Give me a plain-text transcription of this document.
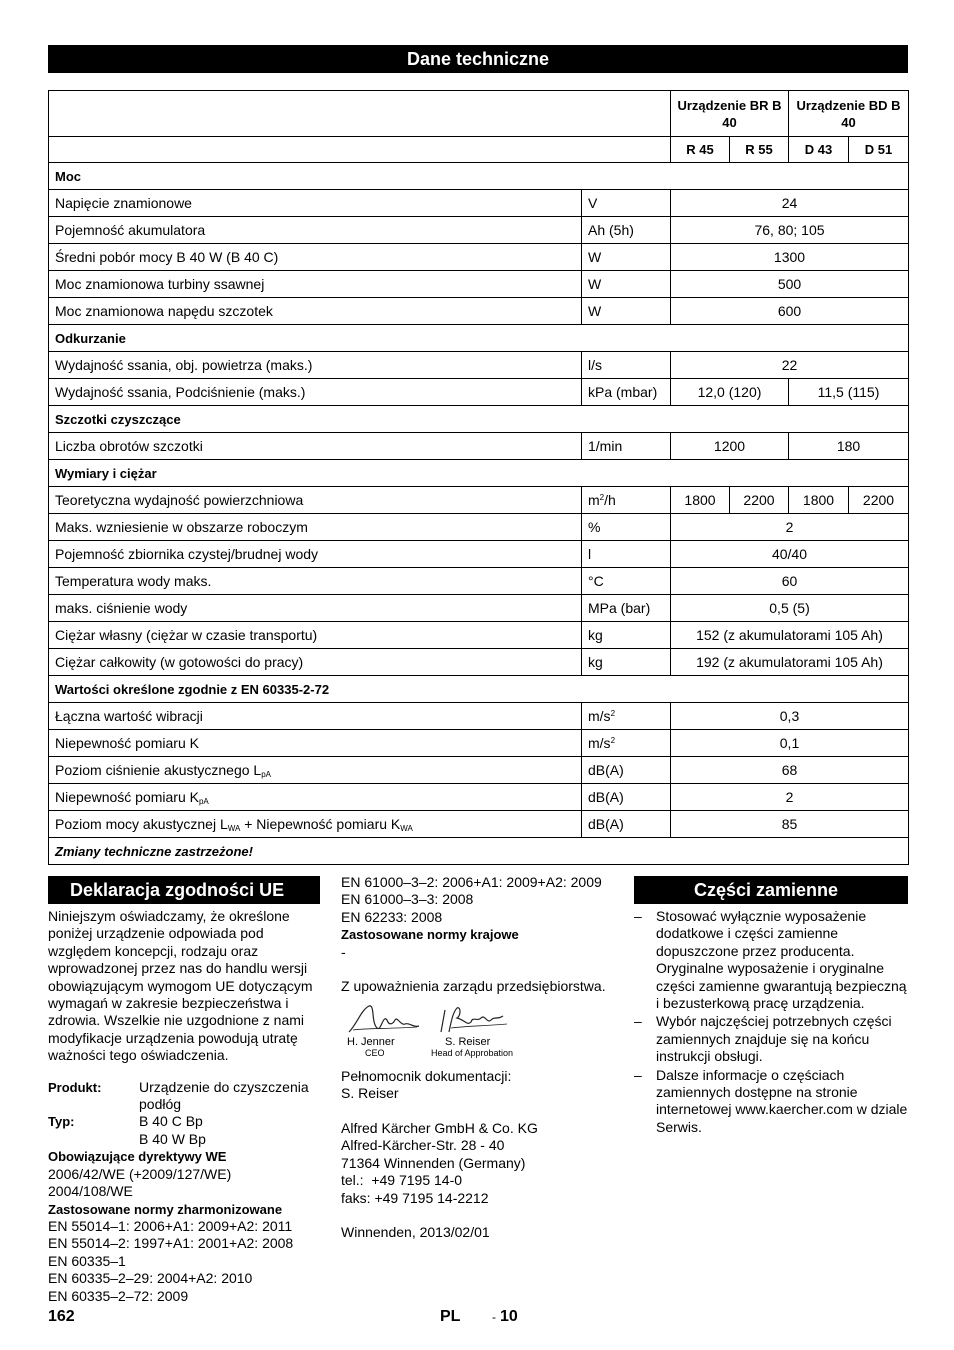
Dane techniczne
		Urządzenie BR B 40		Urządzenie BD B 40	
		R 45	R 55	D 43	D 51
Moc					
Napięcie znamionowe	V	24			
Pojemność akumulatora	Ah (5h)	76, 80; 105			
Średni pobór mocy B 40 W (B 40 C)	W	1300			
Moc znamionowa turbiny ssawnej	W	500			
Moc znamionowa napędu szczotek	W	600			
Odkurzanie					
Wydajność ssania, obj. powietrza (maks.)	l/s	22			
Wydajność ssania, Podciśnienie (maks.)	kPa (mbar)	12,0 (120)		11,5 (115)	
Szczotki czyszczące					
Liczba obrotów szczotki	1/min	1200		180	
Wymiary i ciężar					
Teoretyczna wydajność powierzchniowa	$m^2/h$	1800	2200	1800	2200
Maks. wzniesienie w obszarze roboczym	%	2			
Pojemność zbiornika czystej/brudnej wody	l	40/40			
Temperatura wody maks.	°C	60			
maks. ciśnienie wody	MPa (bar)	0,5 (5)			
Ciężar własny (ciężar w czasie transportu)	kg	152 (z akumulatorami 105 Ah)			
Ciężar całkowity (w gotowości do pracy)	kg	192 (z akumulatorami 105 Ah)			
Wartości określone zgodnie z EN 60335-2-72					
Łączna wartość wibracji	$m/s^2$	0,3			
Niepewność pomiaru K	$m/s^2$	0,1			
Poziom ciśnienie akustycznego $L_{pA}$	dB(A)	68			
Niepewność pomiaru $K_{pA}$	dB(A)	2			
Poziom mocy akustycznej $L_{WA}$ + Niepewność pomiaru $K_{WA}$	dB(A)	85			
Zmiany techniczne zastrzeżone!					
Deklaracja zgodności UE
Niniejszym oświadczamy, że określone poniżej urządzenie odpowiada pod względem koncepcji, rodzaju oraz wprowadzonej przez nas do handlu wersji obowiązującym wymogom UE dotyczącym wymagań w zakresie bezpieczeństwa i zdrowia. Wszelkie nie uzgodnione z nami modyfikacje urządzenia powodują utratę ważności tego oświadczenia.
Produkt:	Urządzenie do czyszczenia podłóg
Typ:	B 40 C Bp
B 40 W Bp
Obowiązujące dyrektywy WE
2006/42/WE (+2009/127/WE)
2004/108/WE
Zastosowane normy zharmonizowane
EN 55014–1: 2006+A1: 2009+A2: 2011
EN 55014–2: 1997+A1: 2001+A2: 2008
EN 60335–1
EN 60335–2–29: 2004+A2: 2010
EN 60335–2–72: 2009
EN 61000–3–2: 2006+A1: 2009+A2: 2009
EN 61000–3–3: 2008
EN 62233: 2008
Zastosowane normy krajowe
-
Z upoważnienia zarządu przedsiębiorstwa.
H. Jenner
CEO
S. Reiser
Head of Approbation
Pełnomocnik dokumentacji:
S. Reiser
Alfred Kärcher GmbH & Co. KG
Alfred-Kärcher-Str. 28 - 40
71364 Winnenden (Germany)
tel.:  +49 7195 14-0
faks: +49 7195 14-2212
Winnenden, 2013/02/01
Części zamienne
– Stosować wyłącznie wyposażenie dodatkowe i części zamienne dopuszczone przez producenta. Oryginalne wyposażenie i oryginalne części zamienne gwarantują bezpieczną i bezusterkową pracę urządzenia.
– Wybór najczęściej potrzebnych części zamiennych znajduje się na końcu instrukcji obsługi.
– Dalsze informacje o częściach zamiennych dostępne na stronie internetowej www.kaercher.com w dziale Serwis.
162	PL	- 10
